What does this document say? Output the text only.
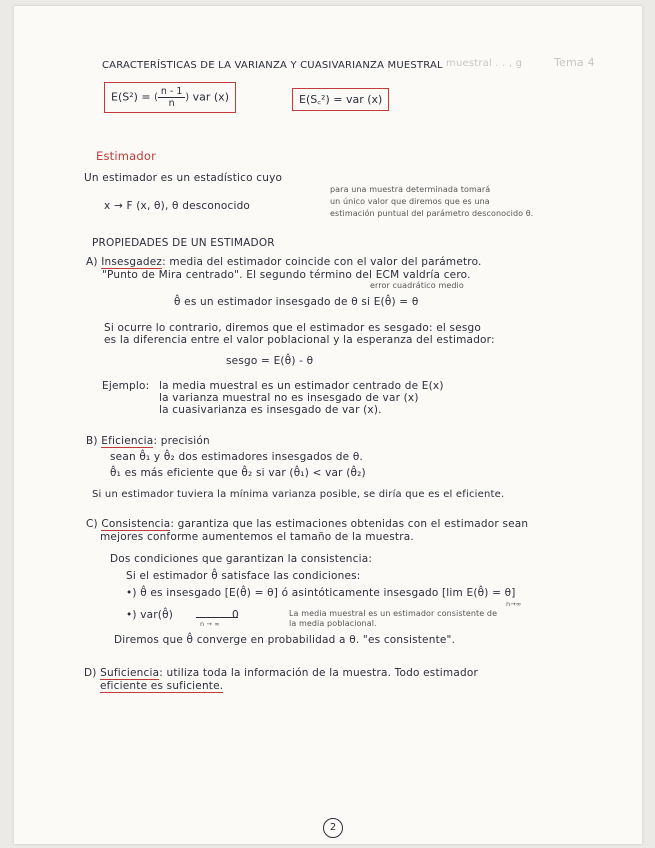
CARACTERÍSTICAS DE LA VARIANZA Y CUASIVARIANZA MUESTRAL muestral . . , g	Tema 4
E(S²) = ( $\frac{n - 1}{n}$ ) var (x)	E(S꜀²) = var (x)
Estimador
Un estimador es un estadístico cuyo
x → F (x, θ), θ desconocido
para una muestra determinada tomará
un único valor que diremos que es una
estimación puntual del parámetro desconocido θ.
PROPIEDADES DE UN ESTIMADOR
A) Insesgadez: media del estimador coincide con el valor del parámetro.
"Punto de Mira centrado". El segundo término del ECM valdría cero.
error cuadrático medio
θ̂ es un estimador insesgado de θ si E(θ̂) = θ
Si ocurre lo contrario, diremos que el estimador es sesgado: el sesgo
es la diferencia entre el valor poblacional y la esperanza del estimador:
sesgo = E(θ̂) - θ
Ejemplo: la media muestral es un estimador centrado de E(x)
la varianza muestral no es insesgado de var (x)
la cuasivarianza es insesgado de var (x).
B) Eficiencia: precisión
sean θ̂₁ y θ̂₂ dos estimadores insesgados de θ.
θ̂₁ es más eficiente que θ̂₂ si var (θ̂₁) < var (θ̂₂)
Si un estimador tuviera la mínima varianza posible, se diría que es el eficiente.
C) Consistencia: garantiza que las estimaciones obtenidas con el estimador sean
mejores conforme aumentemos el tamaño de la muestra.
Dos condiciones que garantizan la consistencia:
Si el estimador θ̂ satisface las condiciones:
•) θ̂ es insesgado [E(θ̂) = θ] ó asintóticamente insesgado [lim E(θ̂) = θ]
n→∞
•) var(θ̂)	0
n → ∞
La media muestral es un estimador consistente de
la media poblacional.
Diremos que θ̂ converge en probabilidad a θ. "es consistente".
D) Suficiencia: utiliza toda la información de la muestra. Todo estimador
eficiente es suficiente.
2
